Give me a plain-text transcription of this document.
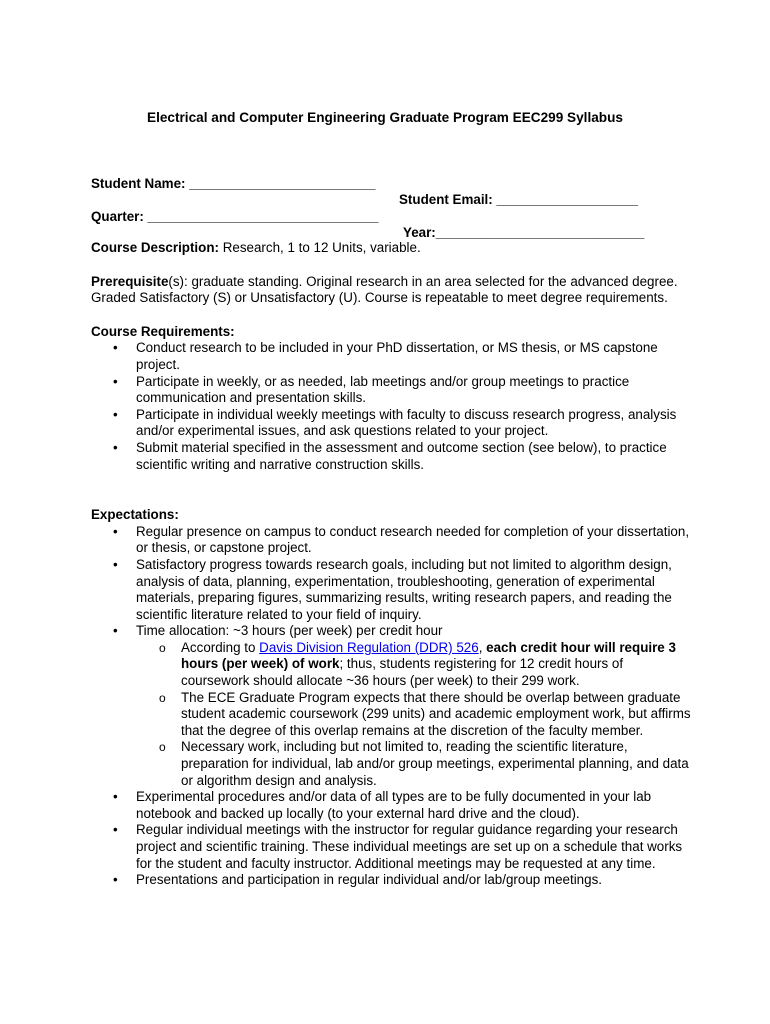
Electrical and Computer Engineering Graduate Program EEC299 Syllabus

Student Name: _________________________

Student Email: ___________________

Quarter: _______________________________

Year:____________________________

Course Description: Research, 1 to 12 Units, variable.

Prerequisite(s): graduate standing. Original research in an area selected for the advanced degree. Graded Satisfactory (S) or Unsatisfactory (U). Course is repeatable to meet degree requirements.

Course Requirements:

• Conduct research to be included in your PhD dissertation, or MS thesis, or MS capstone project.
• Participate in weekly, or as needed, lab meetings and/or group meetings to practice communication and presentation skills.
• Participate in individual weekly meetings with faculty to discuss research progress, analysis and/or experimental issues, and ask questions related to your project.
• Submit material specified in the assessment and outcome section (see below), to practice scientific writing and narrative construction skills.

Expectations:

• Regular presence on campus to conduct research needed for completion of your dissertation, or thesis, or capstone project.
• Satisfactory progress towards research goals, including but not limited to algorithm design, analysis of data, planning, experimentation, troubleshooting, generation of experimental materials, preparing figures, summarizing results, writing research papers, and reading the scientific literature related to your field of inquiry.
• Time allocation: ~3 hours (per week) per credit hour
o According to Davis Division Regulation (DDR) 526, each credit hour will require 3 hours (per week) of work; thus, students registering for 12 credit hours of coursework should allocate ~36 hours (per week) to their 299 work.
o The ECE Graduate Program expects that there should be overlap between graduate student academic coursework (299 units) and academic employment work, but affirms that the degree of this overlap remains at the discretion of the faculty member.
o Necessary work, including but not limited to, reading the scientific literature, preparation for individual, lab and/or group meetings, experimental planning, and data or algorithm design and analysis.
• Experimental procedures and/or data of all types are to be fully documented in your lab notebook and backed up locally (to your external hard drive and the cloud).
• Regular individual meetings with the instructor for regular guidance regarding your research project and scientific training. These individual meetings are set up on a schedule that works for the student and faculty instructor. Additional meetings may be requested at any time.
• Presentations and participation in regular individual and/or lab/group meetings.
